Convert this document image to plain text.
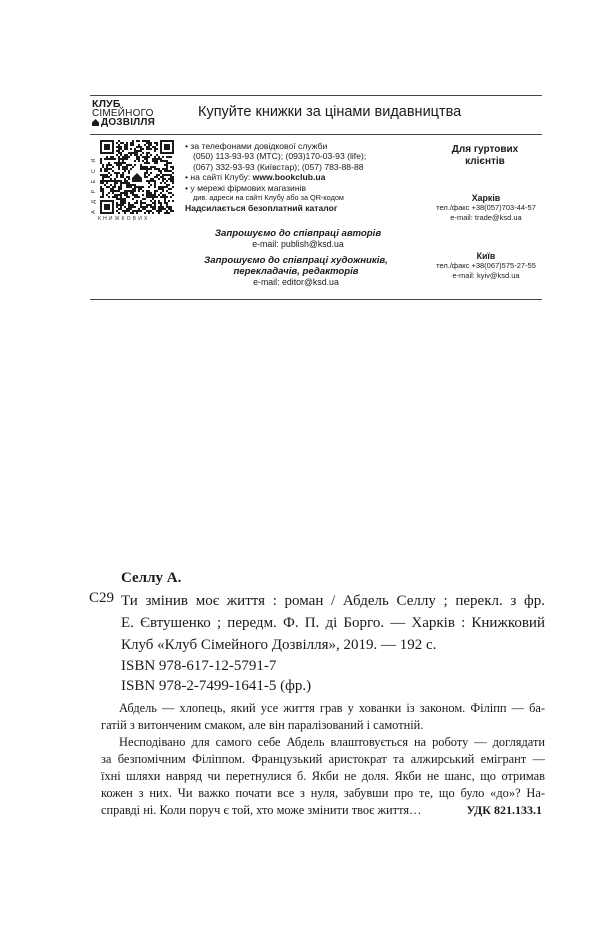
КЛУБ
СІМЕЙНОГО
ДОЗВІЛЛЯ
Купуйте книжки за цінами видавництва
А Д Р Е С И
КНИЖКОВИХ
• за телефонами довідкової служби
(050) 113-93-93 (МТС); (093)170-03-93 (life);
(067) 332-93-93 (Київстар); (057) 783-88-88
• на сайті Клубу: www.bookclub.ua
• у мережі фірмових магазинів
див. адреси на сайті Клубу або за QR-кодом
Надсилається безоплатний каталог
Запрошуємо до співпраці авторів
e-mail: publish@ksd.ua
Запрошуємо до співпраці художників,
перекладачів, редакторів
e-mail: editor@ksd.ua
Для гуртових
клієнтів
Харків
тел./факс +38(057)703-44-57
e-mail: trade@ksd.ua
Київ
тел./факс +38(067)575-27-55
e-mail: kyiv@ksd.ua
Селлу А.
С29 Ти змінив моє життя : роман / Абдель Селлу ; перекл. з фр.
Е. Євтушенко ; передм. Ф. П. ді Борго. — Харків : Книжковий
Клуб «Клуб Сімейного Дозвілля», 2019. — 192 с.
ISBN 978-617-12-5791-7
ISBN 978-2-7499-1641-5 (фр.)

Абдель — хлопець, який усе життя грав у хованки із законом. Філіпп — ба-
гатій з витонченим смаком, але він паралізований і самотній.

Несподівано для самого себе Абдель влаштовується на роботу — доглядати
за безпомічним Філіппом. Французький аристократ та алжирський емігрант —
їхні шляхи навряд чи перетнулися б. Якби не доля. Якби не шанс, що отримав
кожен з них. Чи важко почати все з нуля, забувши про те, що було «до»? На-
справді ні. Коли поруч є той, хто може змінити твоє життя…	УДК 821.133.1
